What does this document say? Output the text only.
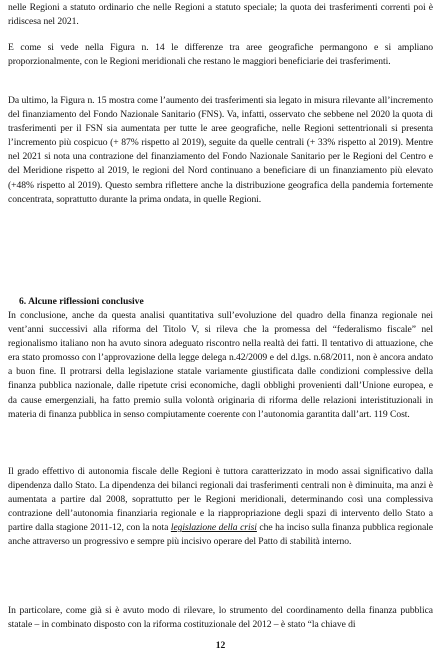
nelle Regioni a statuto ordinario che nelle Regioni a statuto speciale; la quota dei trasferimenti correnti poi è ridiscesa nel 2021.

E come si vede nella Figura n. 14 le differenze tra aree geografiche permangono e si ampliano proporzionalmente, con le Regioni meridionali che restano le maggiori beneficiarie dei trasferimenti.

Da ultimo, la Figura n. 15 mostra come l’aumento dei trasferimenti sia legato in misura rilevante all’incremento del finanziamento del Fondo Nazionale Sanitario (FNS). Va, infatti, osservato che sebbene nel 2020 la quota di trasferimenti per il FSN sia aumentata per tutte le aree geografiche, nelle Regioni settentrionali si presenta l’incremento più cospicuo (+ 87% rispetto al 2019), seguite da quelle centrali (+ 33% rispetto al 2019). Mentre nel 2021 si nota una contrazione del finanziamento del Fondo Nazionale Sanitario per le Regioni del Centro e del Meridione rispetto al 2019, le regioni del Nord continuano a beneficiare di un finanziamento più elevato (+48% rispetto al 2019). Questo sembra riflettere anche la distribuzione geografica della pandemia fortemente concentrata, soprattutto durante la prima ondata, in quelle Regioni.

6. Alcune riflessioni conclusive

In conclusione, anche da questa analisi quantitativa sull’evoluzione del quadro della finanza regionale nei vent’anni successivi alla riforma del Titolo V, si rileva che la promessa del “federalismo fiscale” nel regionalismo italiano non ha avuto sinora adeguato riscontro nella realtà dei fatti. Il tentativo di attuazione, che era stato promosso con l’approvazione della legge delega n.42/2009 e del d.lgs. n.68/2011, non è ancora andato a buon fine. Il protrarsi della legislazione statale variamente giustificata dalle condizioni complessive della finanza pubblica nazionale, dalle ripetute crisi economiche, dagli obblighi provenienti dall’Unione europea, e da cause emergenziali, ha fatto premio sulla volontà originaria di riforma delle relazioni interistituzionali in materia di finanza pubblica in senso compiutamente coerente con l’autonomia garantita dall’art. 119 Cost.

Il grado effettivo di autonomia fiscale delle Regioni è tuttora caratterizzato in modo assai significativo dalla dipendenza dallo Stato. La dipendenza dei bilanci regionali dai trasferimenti centrali non è diminuita, ma anzi è aumentata a partire dal 2008, soprattutto per le Regioni meridionali, determinando così una complessiva contrazione dell’autonomia finanziaria regionale e la riappropriazione degli spazi di intervento dello Stato a partire dalla stagione 2011-12, con la nota legislazione della crisi che ha inciso sulla finanza pubblica regionale anche attraverso un progressivo e sempre più incisivo operare del Patto di stabilità interno.

In particolare, come già si è avuto modo di rilevare, lo strumento del coordinamento della finanza pubblica statale – in combinato disposto con la riforma costituzionale del 2012 – è stato “la chiave di

12
